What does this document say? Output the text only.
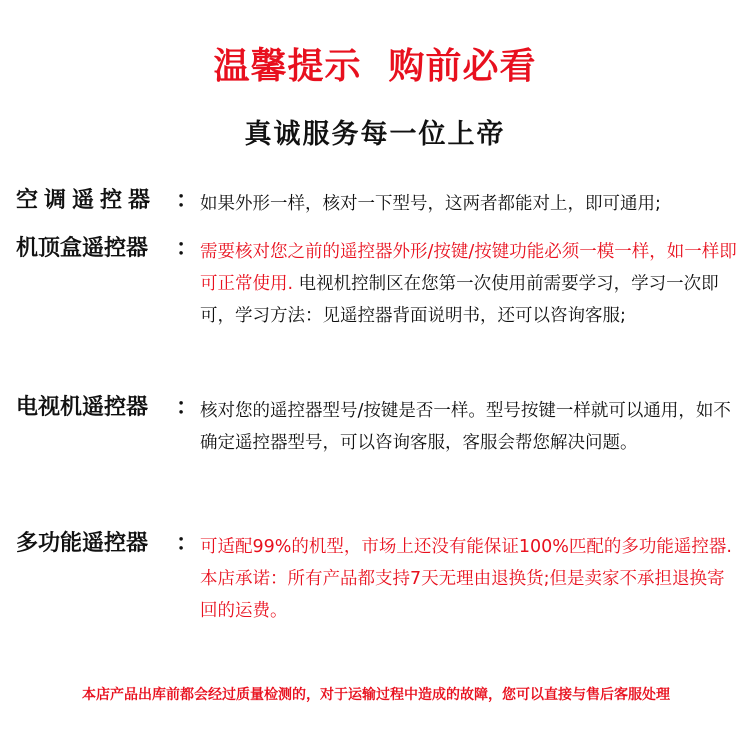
温馨提示  购前必看
真诚服务每一位上帝
空调遥控器 ： 如果外形一样，核对一下型号，这两者都能对上，即可通用;
机顶盒遥控器	： 需要核对您之前的遥控器外形/按键/按键功能必须一模一样，如一样即可正常使用. 电视机控制区在您第一次使用前需要学习，学习一次即可，学习方法：见遥控器背面说明书，还可以咨询客服;
电视机遥控器	： 核对您的遥控器型号/按键是否一样。型号按键一样就可以通用，如不确定遥控器型号，可以咨询客服，客服会帮您解决问题。
多功能遥控器	： 可适配99%的机型，市场上还没有能保证100%匹配的多功能遥控器.本店承诺：所有产品都支持7天无理由退换货;但是卖家不承担退换寄回的运费。
本店产品出库前都会经过质量检测的，对于运输过程中造成的故障，您可以直接与售后客服处理
